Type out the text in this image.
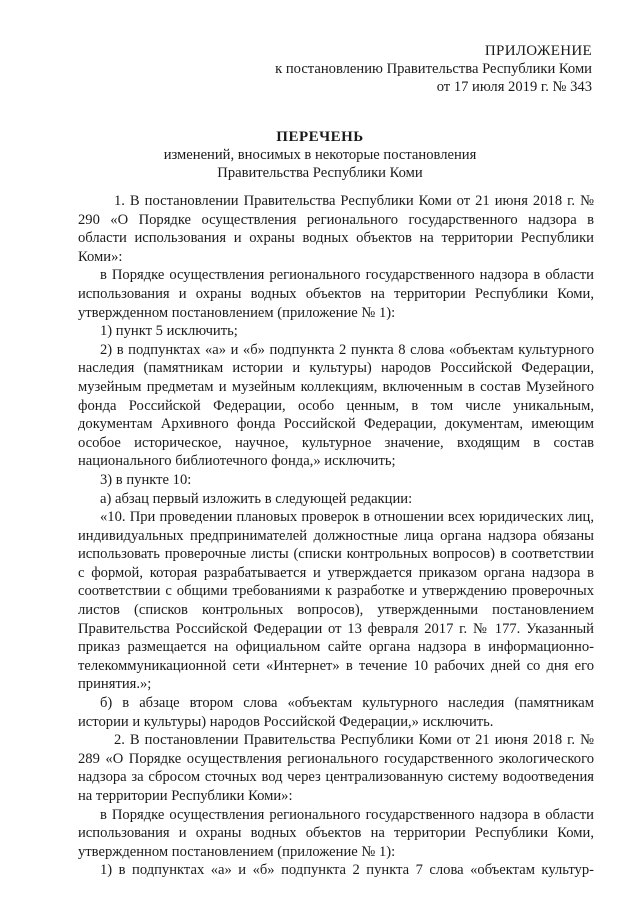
ПРИЛОЖЕНИЕ
к постановлению Правительства Республики Коми
от 17 июля 2019 г. № 343
ПЕРЕЧЕНЬ
изменений, вносимых в некоторые постановления
Правительства Республики Коми

1. В постановлении Правительства Республики Коми от 21 июня 2018 г. № 290 «О Порядке осуществления регионального государственного надзора в области использования и охраны водных объектов на территории Республики Коми»:

в Порядке осуществления регионального государственного надзора в области использования и охраны водных объектов на территории Республики Коми, утвержденном постановлением (приложение № 1):

1) пункт 5 исключить;

2) в подпунктах «а» и «б» подпункта 2 пункта 8 слова «объектам культурного наследия (памятникам истории и культуры) народов Российской Федерации, музейным предметам и музейным коллекциям, включенным в состав Музейного фонда Российской Федерации, особо ценным, в том числе уникальным, документам Архивного фонда Российской Федерации, документам, имеющим особое историческое, научное, культурное значение, входящим в состав национального библиотечного фонда,» исключить;

3) в пункте 10:

а) абзац первый изложить в следующей редакции:

«10. При проведении плановых проверок в отношении всех юридических лиц, индивидуальных предпринимателей должностные лица органа надзора обязаны использовать проверочные листы (списки контрольных вопросов) в соответствии с формой, которая разрабатывается и утверждается приказом органа надзора в соответствии с общими требованиями к разработке и утверждению проверочных листов (списков контрольных вопросов), утвержденными постановлением Правительства Российской Федерации от 13 февраля 2017 г. № 177. Указанный приказ размещается на официальном сайте органа надзора в информационно-телекоммуникационной сети «Интернет» в течение 10 рабочих дней со дня его принятия.»;

б) в абзаце втором слова «объектам культурного наследия (памятникам истории и культуры) народов Российской Федерации,» исключить.

2. В постановлении Правительства Республики Коми от 21 июня 2018 г. № 289 «О Порядке осуществления регионального государственного экологического надзора за сбросом сточных вод через централизованную систему водоотведения на территории Республики Коми»:

в Порядке осуществления регионального государственного надзора в области использования и охраны водных объектов на территории Республики Коми, утвержденном постановлением (приложение № 1):

1) в подпунктах «а» и «б» подпункта 2 пункта 7 слова «объектам культур-
